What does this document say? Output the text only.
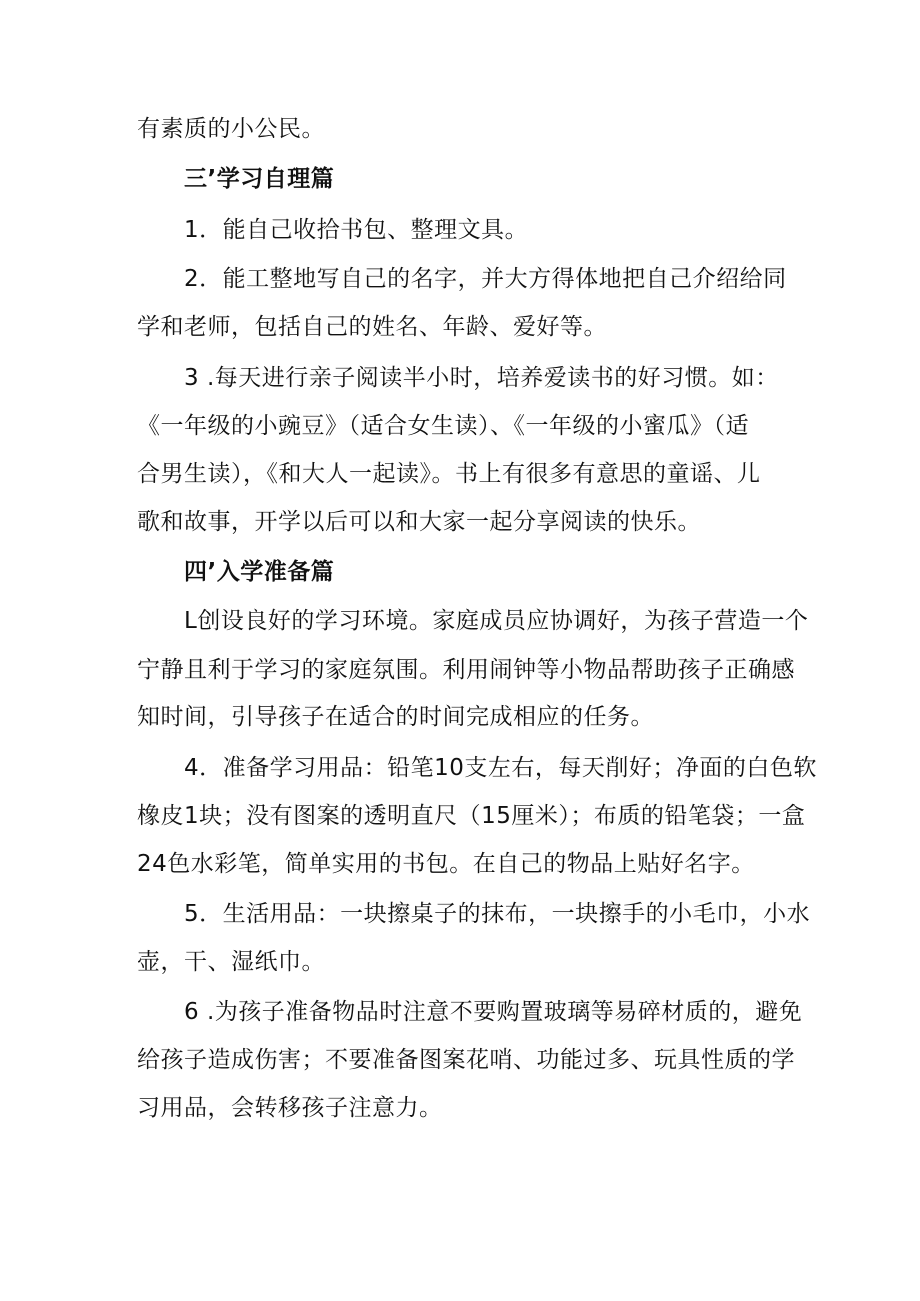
有素质的小公民。
三’学习自理篇
1．能自己收拾书包、整理文具。
2．能工整地写自己的名字，并大方得体地把自己介绍给同
学和老师，包括自己的姓名、年龄、爱好等。
3 .每天进行亲子阅读半小时，培养爱读书的好习惯。如：
《一年级的小豌豆》（适合女生读）、《一年级的小蜜瓜》（适
合男生读），《和大人一起读》。书上有很多有意思的童谣、儿
歌和故事，开学以后可以和大家一起分享阅读的快乐。
四’入学准备篇
L创设良好的学习环境。家庭成员应协调好，为孩子营造一个
宁静且利于学习的家庭氛围。利用闹钟等小物品帮助孩子正确感
知时间，引导孩子在适合的时间完成相应的任务。
4．准备学习用品：铅笔10支左右，每天削好；净面的白色软
橡皮1块；没有图案的透明直尺（15厘米）；布质的铅笔袋；一盒
24色水彩笔，简单实用的书包。在自己的物品上贴好名字。
5．生活用品：一块擦桌子的抹布，一块擦手的小毛巾，小水
壶，干、湿纸巾。
6 .为孩子准备物品时注意不要购置玻璃等易碎材质的，避免
给孩子造成伤害；不要准备图案花哨、功能过多、玩具性质的学
习用品，会转移孩子注意力。
